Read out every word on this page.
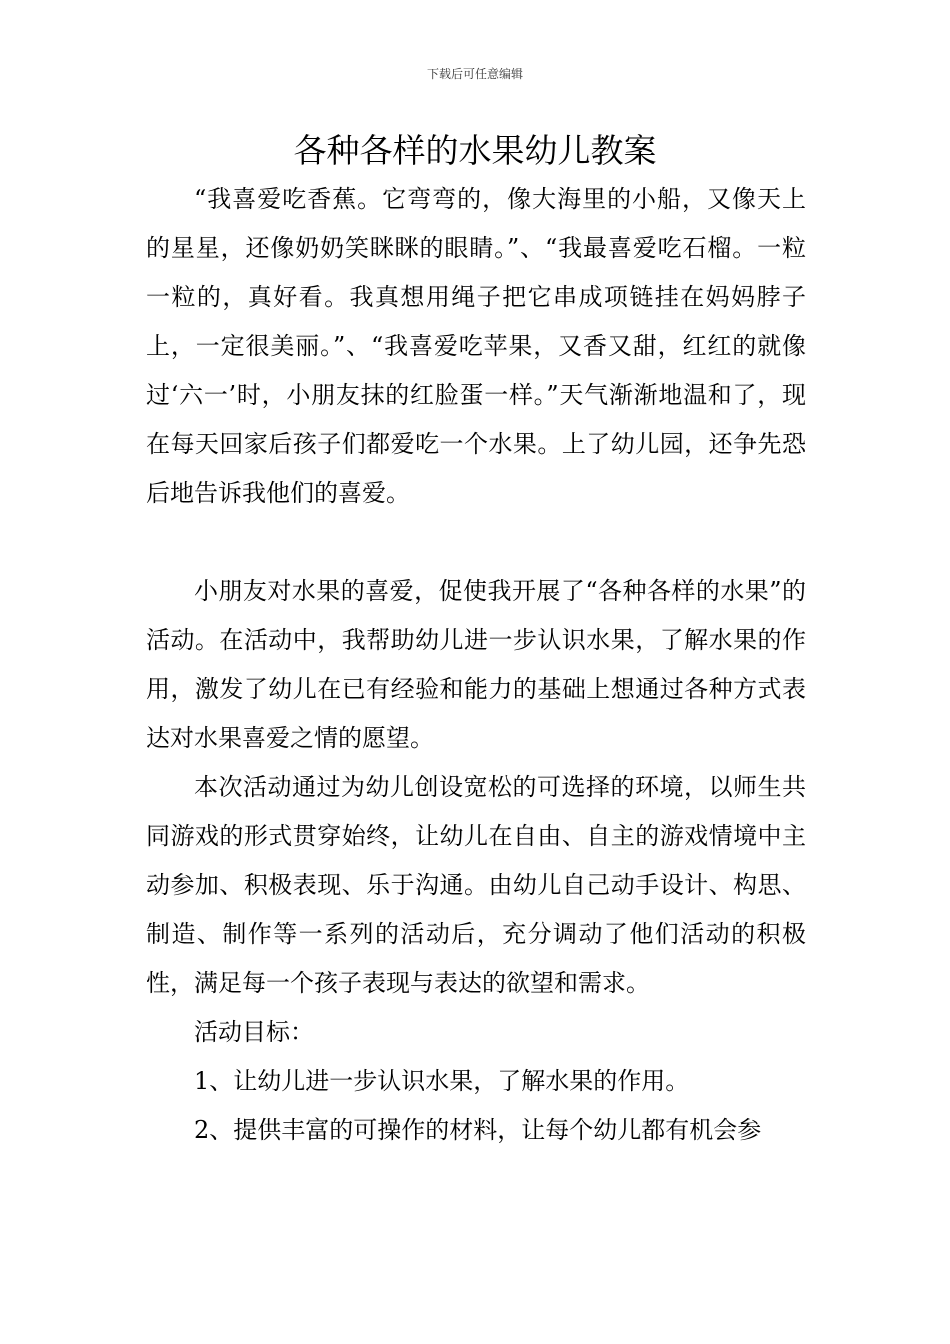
下载后可任意编辑
各种各样的水果幼儿教案

“我喜爱吃香蕉。它弯弯的，像大海里的小船，又像天上的星星，还像奶奶笑眯眯的眼睛。”、“我最喜爱吃石榴。一粒一粒的，真好看。我真想用绳子把它串成项链挂在妈妈脖子上，一定很美丽。”、“我喜爱吃苹果，又香又甜，红红的就像过‘六一’时，小朋友抹的红脸蛋一样。”天气渐渐地温和了，现在每天回家后孩子们都爱吃一个水果。上了幼儿园，还争先恐后地告诉我他们的喜爱。

小朋友对水果的喜爱，促使我开展了“各种各样的水果”的活动。在活动中，我帮助幼儿进一步认识水果，了解水果的作用，激发了幼儿在已有经验和能力的基础上想通过各种方式表达对水果喜爱之情的愿望。

本次活动通过为幼儿创设宽松的可选择的环境，以师生共同游戏的形式贯穿始终，让幼儿在自由、自主的游戏情境中主动参加、积极表现、乐于沟通。由幼儿自己动手设计、构思、制造、制作等一系列的活动后，充分调动了他们活动的积极性，满足每一个孩子表现与表达的欲望和需求。

活动目标：

1、让幼儿进一步认识水果，了解水果的作用。

2、提供丰富的可操作的材料，让每个幼儿都有机会参
